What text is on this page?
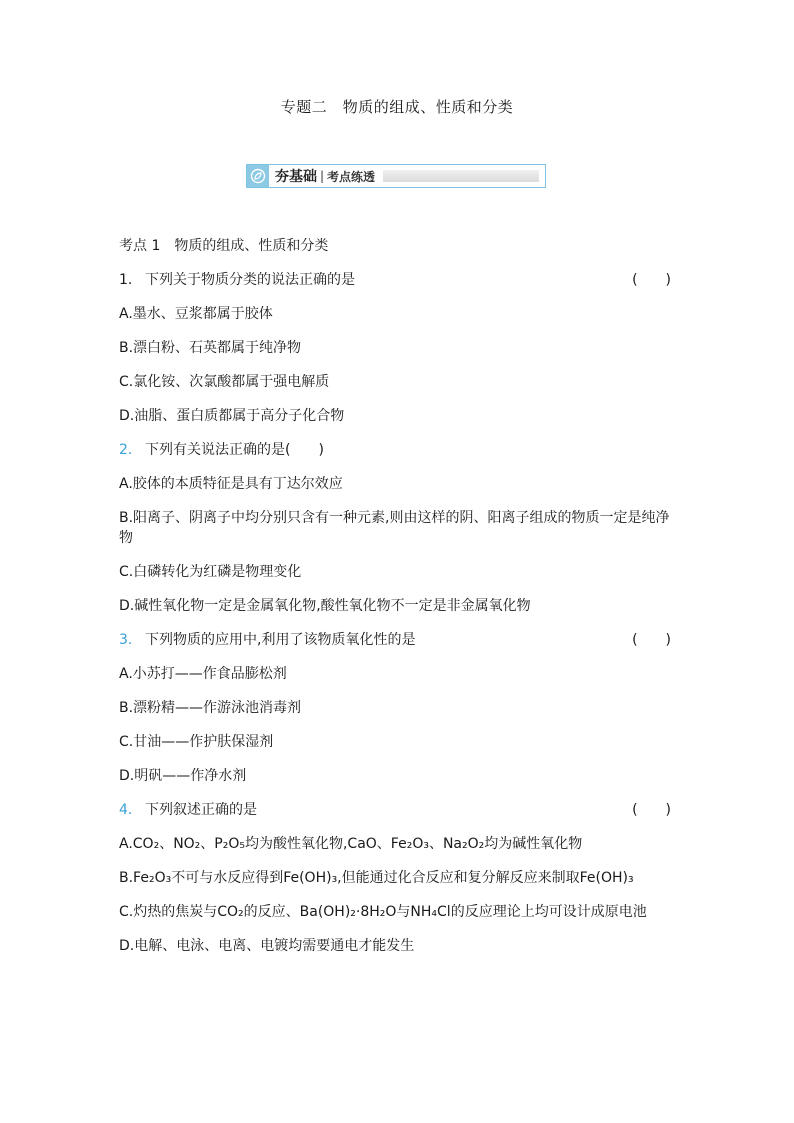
专题二　物质的组成、性质和分类
夯基础 | 考点练透
考点 1　物质的组成、性质和分类
1. 下列关于物质分类的说法正确的是	(　　)
A.墨水、豆浆都属于胶体
B.漂白粉、石英都属于纯净物
C.氯化铵、次氯酸都属于强电解质
D.油脂、蛋白质都属于高分子化合物
2. 下列有关说法正确的是(　　)
A.胶体的本质特征是具有丁达尔效应
B.阳离子、阴离子中均分别只含有一种元素,则由这样的阴、阳离子组成的物质一定是纯净物
C.白磷转化为红磷是物理变化
D.碱性氧化物一定是金属氧化物,酸性氧化物不一定是非金属氧化物
3. 下列物质的应用中,利用了该物质氧化性的是	(　　)
A.小苏打——作食品膨松剂
B.漂粉精——作游泳池消毒剂
C.甘油——作护肤保湿剂
D.明矾——作净水剂
4. 下列叙述正确的是	(　　)
A.CO₂、NO₂、P₂O₅均为酸性氧化物,CaO、Fe₂O₃、Na₂O₂均为碱性氧化物
B.Fe₂O₃不可与水反应得到Fe(OH)₃,但能通过化合反应和复分解反应来制取Fe(OH)₃
C.灼热的焦炭与CO₂的反应、Ba(OH)₂·8H₂O与NH₄Cl的反应理论上均可设计成原电池
D.电解、电泳、电离、电镀均需要通电才能发生
